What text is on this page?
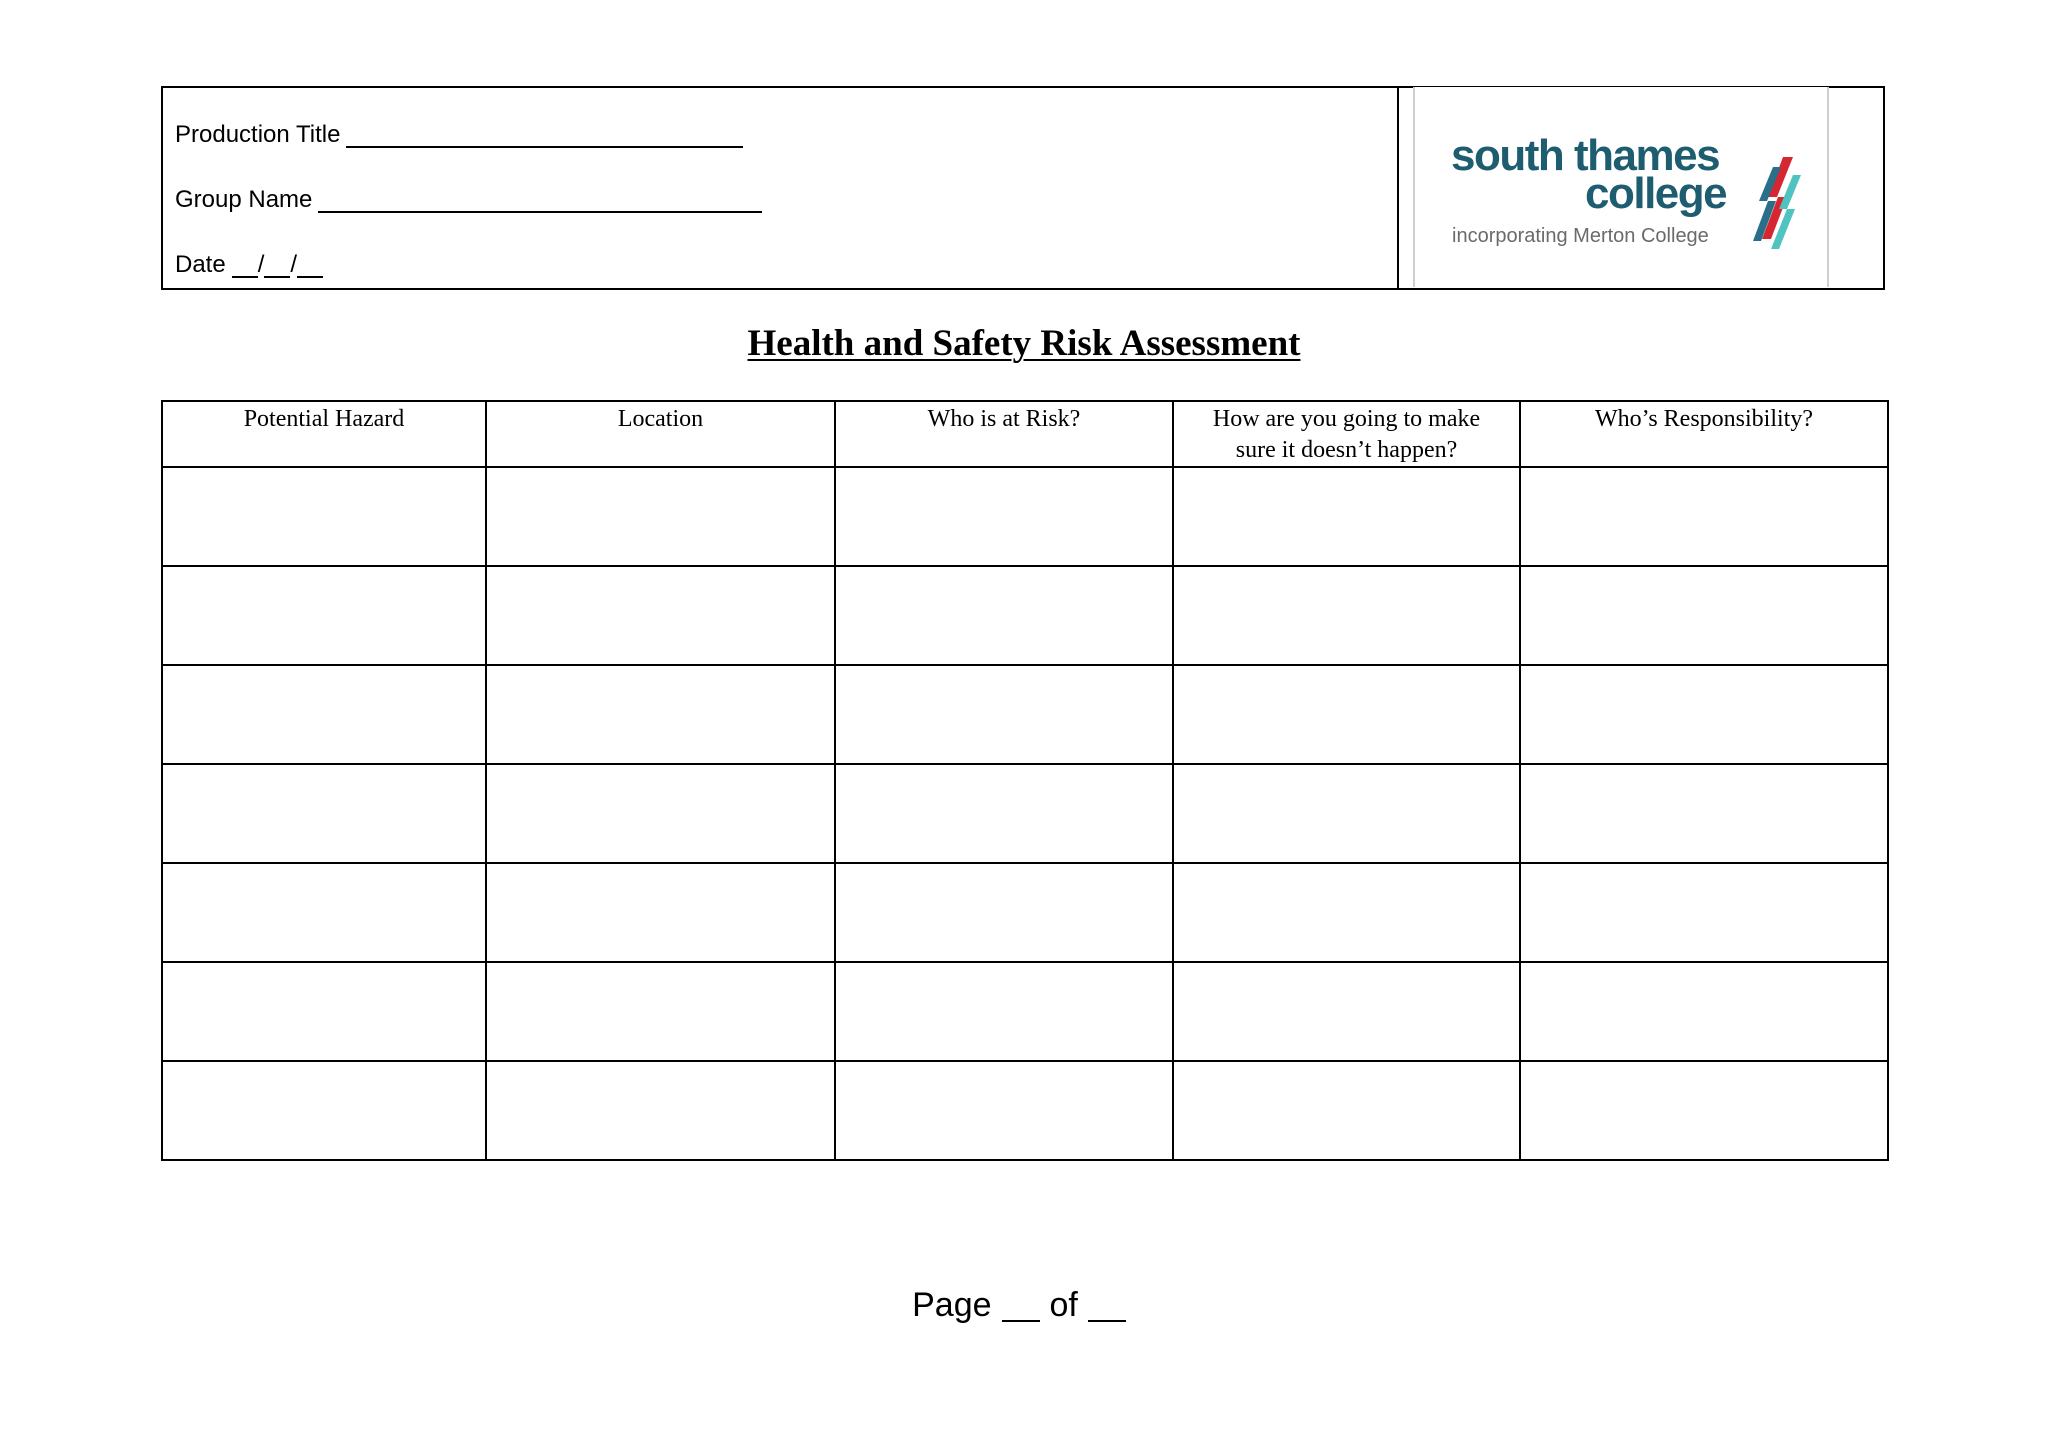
Production Title
Group Name
Date / /
south thames
college
incorporating Merton College
Health and Safety Risk Assessment
Potential Hazard	Location	Who is at Risk?	How are you going to make sure it doesn’t happen?	Who’s Responsibility?

Page of
